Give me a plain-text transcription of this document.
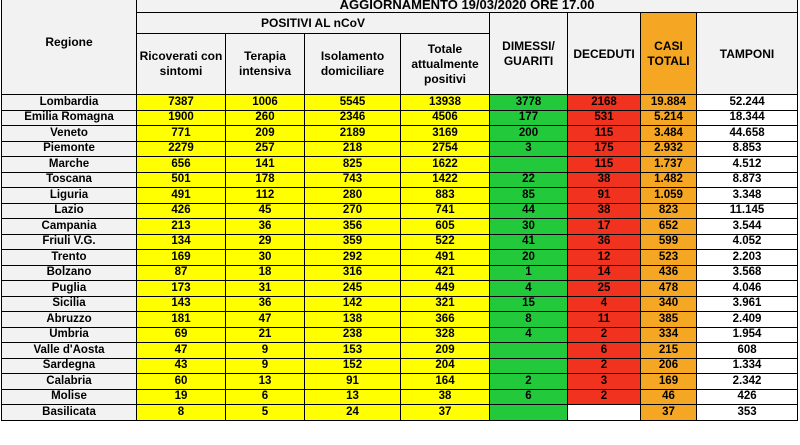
Regione	AGGIORNAMENTO 19/03/2020 ORE 17.00							
	POSITIVI AL nCoV				DIMESSI/ GUARITI	DECEDUTI	CASI TOTALI	TAMPONI
	Ricoverati con sintomi	Terapia intensiva	Isolamento domiciliare	Totale attualmente positivi				
Lombardia	7387	1006	5545	13938	3778	2168	19.884	52.244
Emilia Romagna	1900	260	2346	4506	177	531	5.214	18.344
Veneto	771	209	2189	3169	200	115	3.484	44.658
Piemonte	2279	257	218	2754	3	175	2.932	8.853
Marche	656	141	825	1622		115	1.737	4.512
Toscana	501	178	743	1422	22	38	1.482	8.873
Liguria	491	112	280	883	85	91	1.059	3.348
Lazio	426	45	270	741	44	38	823	11.145
Campania	213	36	356	605	30	17	652	3.544
Friuli V.G.	134	29	359	522	41	36	599	4.052
Trento	169	30	292	491	20	12	523	2.203
Bolzano	87	18	316	421	1	14	436	3.568
Puglia	173	31	245	449	4	25	478	4.046
Sicilia	143	36	142	321	15	4	340	3.961
Abruzzo	181	47	138	366	8	11	385	2.409
Umbria	69	21	238	328	4	2	334	1.954
Valle d'Aosta	47	9	153	209		6	215	608
Sardegna	43	9	152	204		2	206	1.334
Calabria	60	13	91	164	2	3	169	2.342
Molise	19	6	13	38	6	2	46	426
Basilicata	8	5	24	37			37	353
